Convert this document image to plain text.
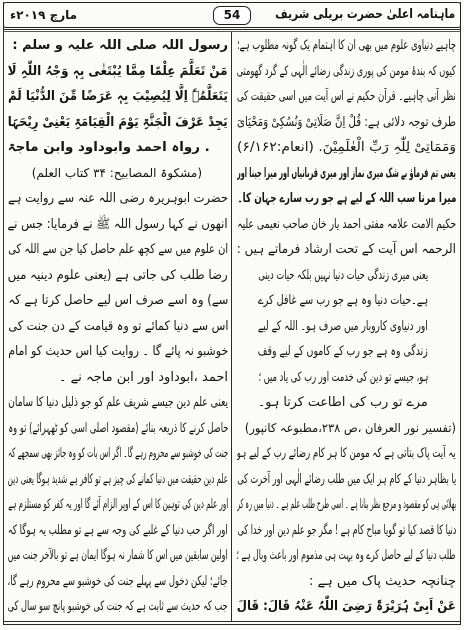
ماہنامہ اعلیٰ حضرت بریلی شریف
54
مارچ ۲۰۱۹ء
چاہیے دنیاوی علوم میں بھی ان کا اہتمام یک گونہ مطلوب ہے؛
کیوں کہ بندۂ مومن کی پوری زندگی رضائے الٰہی کے گرد گھومتی
نظر آنی چاہیے۔ قرآن حکیم نے اس آیت میں اسی حقیقت کی
طرف توجہ دلائی ہے: قُلْ اِنَّ صَلَاتِیْ وَنُسُکِیْ وَمَحْیَایَ
وَمَمَاتِیْ لِلّٰہِ رَبِّ الْعٰلَمِیْنَ. (انعام:۶/۱۶۲)
یعنی تم فرماؤ بے شک میری نماز اور میری قربانیاں اور میرا جینا اور
میرا مرنا سب اللہ کے لیے ہے جو رب سارے جہان کا۔
حکیم الامت علامہ مفتی احمد یار خان صاحب نعیمی علیہ
الرحمہ اس آیت کے تحت ارشاد فرماتے ہیں :
یعنی میری زندگی حیات دنیا نہیں بلکہ حیات دینی
ہے۔حیات دنیا وہ ہے جو رب سے غافل کرے
اور دنیاوی کاروبار میں صرف ہو۔ اللہ کے لیے
زندگی وہ ہے جو رب کے کاموں کے لیے وقف
ہو، جیسے تو دین کی خدمت اور رب کی یاد میں ؛
مرے تو رب کی اطاعت کرتا ہو۔
(تفسیر نور العرفان ،ص ۲۳۸،مطبوعہ کانپور)
یہ آیت پاک بتاتی ہے کہ مومن کا ہر کام رضائے رب کے لیے ہو
یا بظاہر دنیا کے کام ہر ایک میں طلب رضائے الٰہی اور آخرت کی
بھلائی ہی کو مقصود و مرجع نظر بنانا ہے ۔ اسی طرح طلب علم ہے ۔ دنیا میں رہ کر
دنیا کا قصد کیا تو گویا مباح کام ہے ! مگر جو علم دین اور خدا کی
طلب دنیا کے لیے حاصل کرے وہ بہت ہی مذموم اور باعث وبال ہے ؛
چنانچہ حدیث پاک میں ہے :
عَنْ اَبِیْ ہُرَیْرَۃَ رَضِیَ اللّٰہُ عَنْہُ قَالَ: قَالَ
رسول اللہ صلی اللہ علیہ و سلم :
مَنْ تَعَلَّمَ عِلْمًا مِمَّا یُبْتَغٰی بِہٖ وَجْہُ اللّٰہِ لَا
یَتَعَلَّمُہٗ اِلَّا لِیُصِیْبَ بِہٖ عَرَضًا مِّنَ الدُّنْیَا لَمْ
یَجِدْ عَرْفَ الْجَنَّۃِ یَوْمَ الْقِیَامَۃِ یَعْنِیْ رِیْحَہَا
. رواہ احمد وابوداود وابن ماجۃ
(مشکوۃ المصابیح: ۳۴ کتاب العلم)
حضرت ابوہریرہ رضی اللہ عنہ سے روایت ہے
انھوں نے کہا رسول اللہ ﷺ نے فرمایا: جس نے
ان علوم میں سے کچھ علم حاصل کیا جن سے اللہ کی
رضا طلب کی جاتی ہے (یعنی علوم دینیہ میں
سے) وہ اسے صرف اس لیے حاصل کرتا ہے کہ
اس سے دنیا کمائے تو وہ قیامت کے دن جنت کی
خوشبو نہ پائے گا ۔ روایت کیا اس حدیث کو امام
احمد ،ابوداود اور ابن ماجہ نے ۔
یعنی علم دین جیسے شریف علم کو جو ذلیل دنیا کا سامان
حاصل کرنے کا ذریعہ بنائے (مقصود اصلی اسی کو ٹھہرائے) تو وہ
جنت کی خوشبو سے محروم رہے گا۔ اگر اس بات کو وہ جائز بھی سمجھے کہ
علم دین حقیقت میں دنیا کمانے کی چیز ہے تو کافر ہے شدید ہوگا یعنی دین
اور علم دین کی توہین کا اس کے اوپر الزام آئے گا اور یہ کفر کو مستلزم ہے
اور اگر حب دنیا کے غلبے کی وجہ سے ہے تو مطلب یہ ہوگا کہ
اولین سابقین میں اس کا شمار نہ ہوگا ایمان ہے تو بالآخر جنت میں
جائے؛ لیکن دخول سے پہلے جنت کی خوشبو سے محروم رہے گا،
جب کہ حدیث سے ثابت ہے کہ جنت کی خوشبو پانچ سو سال کی
